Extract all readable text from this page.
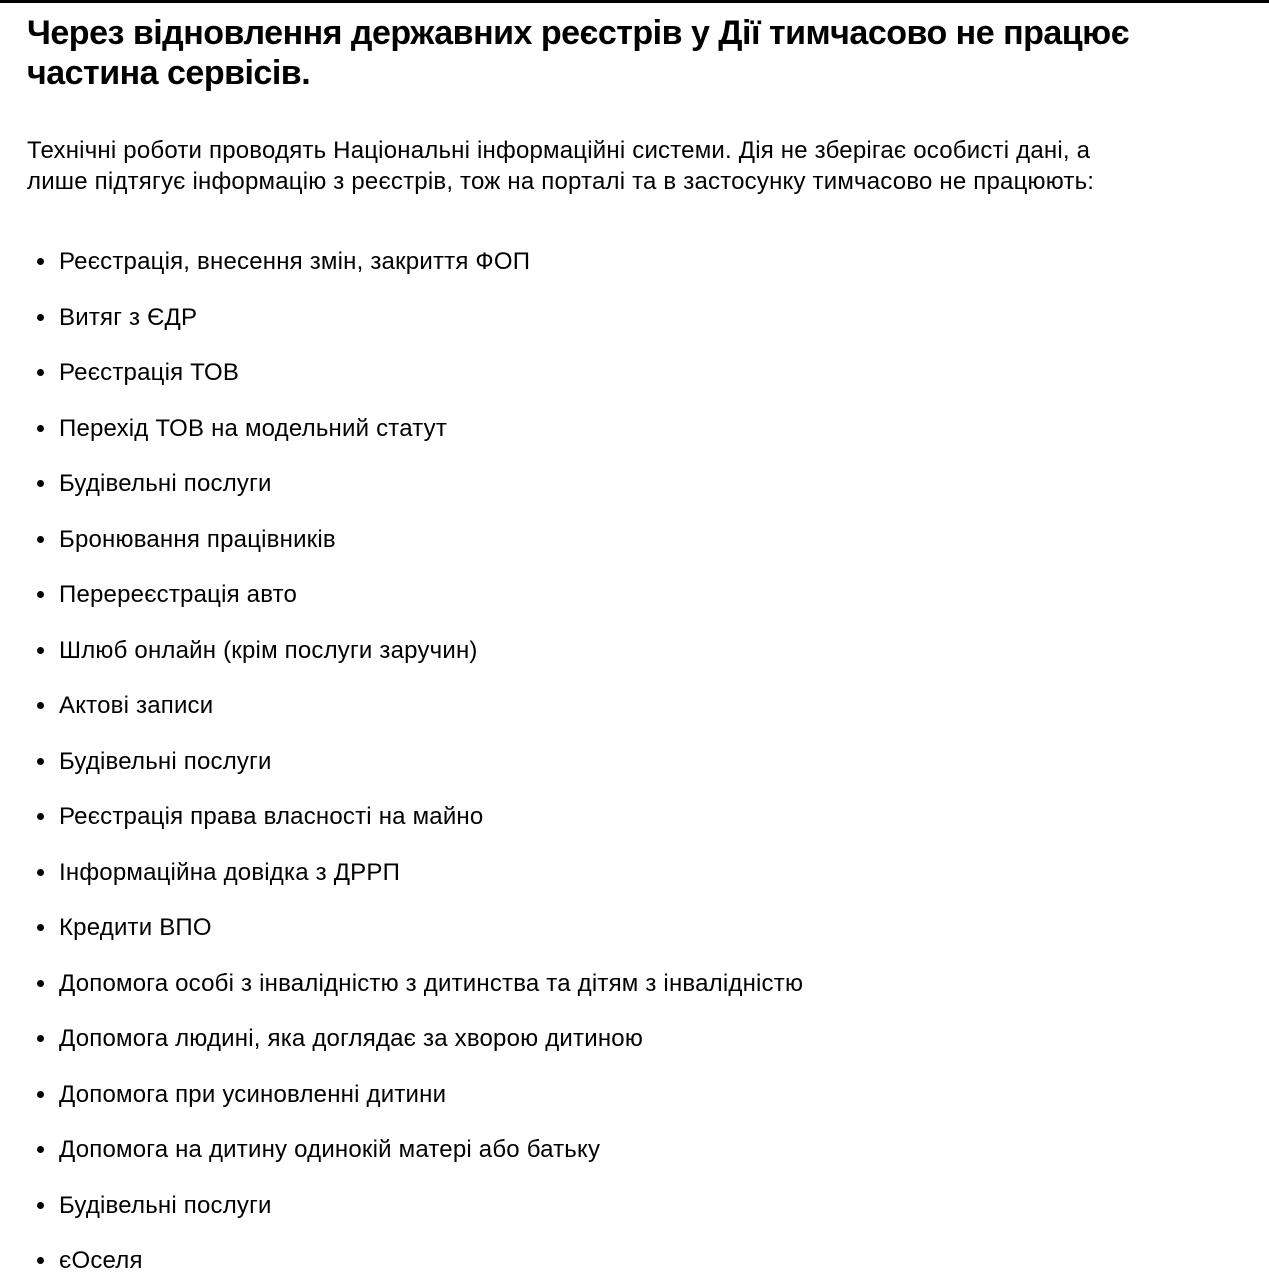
Через відновлення державних реєстрів у Дії тимчасово не працює
частина сервісів.

Технічні роботи проводять Національні інформаційні системи. Дія не зберігає особисті дані, а
лише підтягує інформацію з реєстрів, тож на порталі та в застосунку тимчасово не працюють:

Реєстрація, внесення змін, закриття ФОП
Витяг з ЄДР
Реєстрація ТОВ
Перехід ТОВ на модельний статут
Будівельні послуги
Бронювання працівників
Перереєстрація авто
Шлюб онлайн (крім послуги заручин)
Актові записи
Будівельні послуги
Реєстрація права власності на майно
Інформаційна довідка з ДРРП
Кредити ВПО
Допомога особі з інвалідністю з дитинства та дітям з інвалідністю
Допомога людині, яка доглядає за хворою дитиною
Допомога при усиновленні дитини
Допомога на дитину одинокій матері або батьку
Будівельні послуги
єОселя
